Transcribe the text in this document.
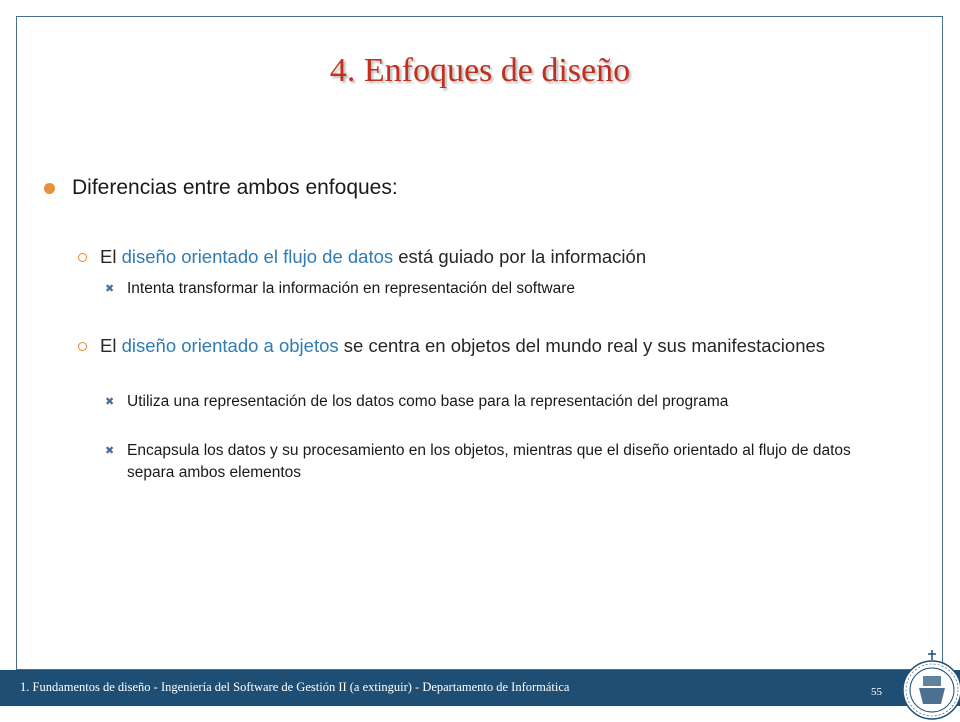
4. Enfoques de diseño
Diferencias entre ambos enfoques:
El diseño orientado el flujo de datos está guiado por la información
✖ Intenta transformar la información en representación del software
El diseño orientado a objetos se centra en objetos del mundo real y sus manifestaciones
✖ Utiliza una representación de los datos como base para la representación del programa
✖ Encapsula los datos y su procesamiento en los objetos, mientras que el diseño orientado al flujo de datos separa ambos elementos
1. Fundamentos de diseño - Ingeniería del Software de Gestión II (a extinguir) - Departamento de Informática	55
